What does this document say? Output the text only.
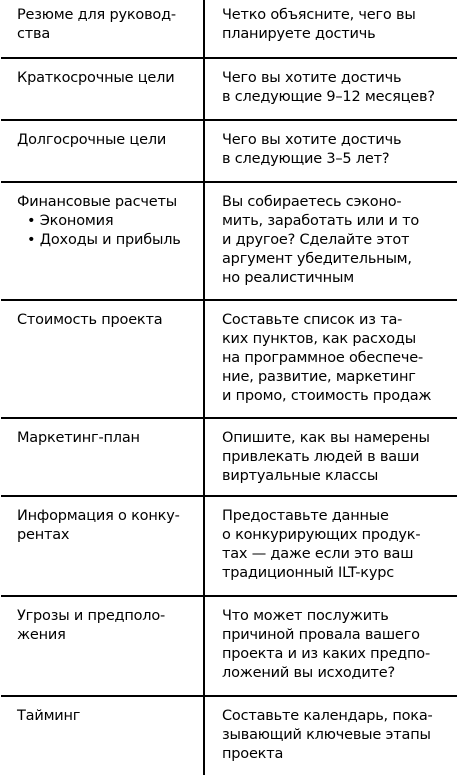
Резюме для руковод-
ства	Четко объясните, чего вы
планируете достичь
Краткосрочные цели	Чего вы хотите достичь
в следующие 9–12 месяцев?
Долгосрочные цели	Чего вы хотите достичь
в следующие 3–5 лет?
Финансовые расчеты
• Экономия
• Доходы и прибыль	Вы собираетесь сэконо-
мить, заработать или и то
и другое? Сделайте этот
аргумент убедительным,
но реалистичным
Стоимость проекта	Составьте список из та-
ких пунктов, как расходы
на программное обеспече-
ние, развитие, маркетинг
и промо, стоимость продаж
Маркетинг-план	Опишите, как вы намерены
привлекать людей в ваши
виртуальные классы
Информация о конку-
рентах	Предоставьте данные
о конкурирующих продук-
тах — даже если это ваш
традиционный ILT-курс
Угрозы и предполо-
жения	Что может послужить
причиной провала вашего
проекта и из каких предпо-
ложений вы исходите?
Тайминг	Составьте календарь, пока-
зывающий ключевые этапы
проекта
